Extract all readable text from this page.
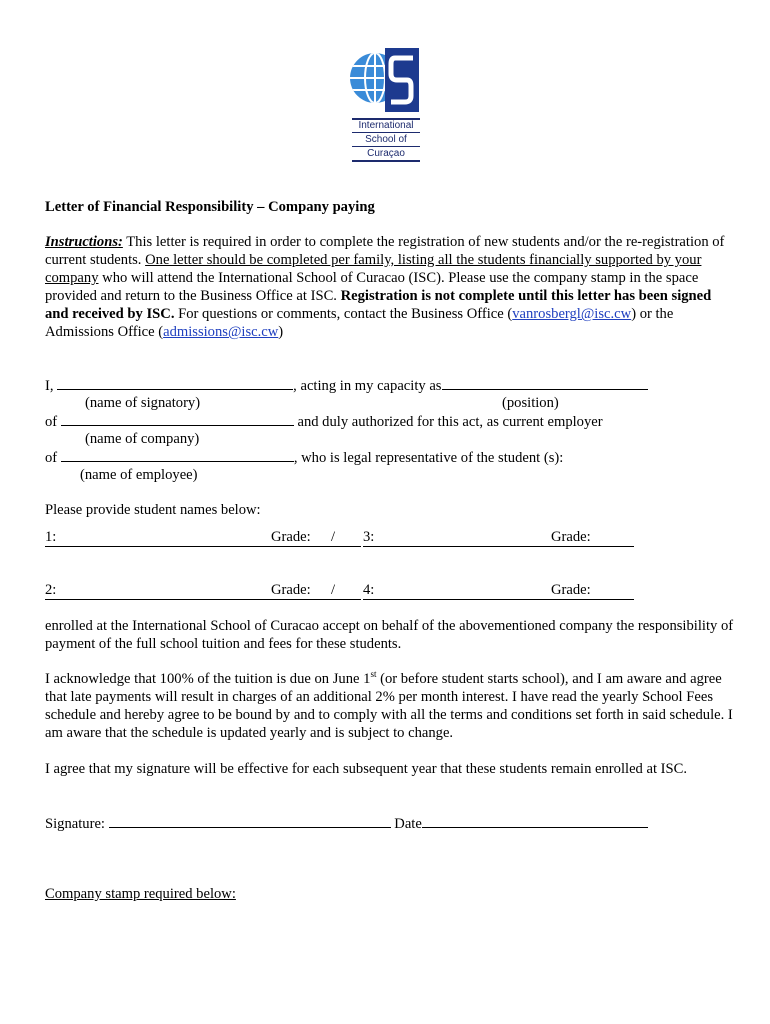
International
School of
Curaçao
Letter of Financial Responsibility – Company paying
Instructions: This letter is required in order to complete the registration of new students and/or the re-registration of current students. One letter should be completed per family, listing all the students financially supported by your company who will attend the International School of Curacao (ISC). Please use the company stamp in the space provided and return to the Business Office at ISC. Registration is not complete until this letter has been signed and received by ISC. For questions or comments, contact the Business Office (vanrosbergl@isc.cw) or the Admissions Office (admissions@isc.cw)
I,	, acting in my capacity as
(name of signatory)	(position)
of	and duly authorized for this act, as current employer
(name of company)
of	, who is legal representative of the student (s):
(name of employee)
Please provide student names below:
1:	Grade: / 3:	Grade:
2:	Grade: / 4:	Grade:
enrolled at the International School of Curacao accept on behalf of the abovementioned company the responsibility of payment of the full school tuition and fees for these students.
I acknowledge that 100% of the tuition is due on June 1st (or before student starts school), and I am aware and agree that late payments will result in charges of an additional 2% per month interest. I have read the yearly School Fees schedule and hereby agree to be bound by and to comply with all the terms and conditions set forth in said schedule. I am aware that the schedule is updated yearly and is subject to change.
I agree that my signature will be effective for each subsequent year that these students remain enrolled at ISC.
Signature:	Date
Company stamp required below:
